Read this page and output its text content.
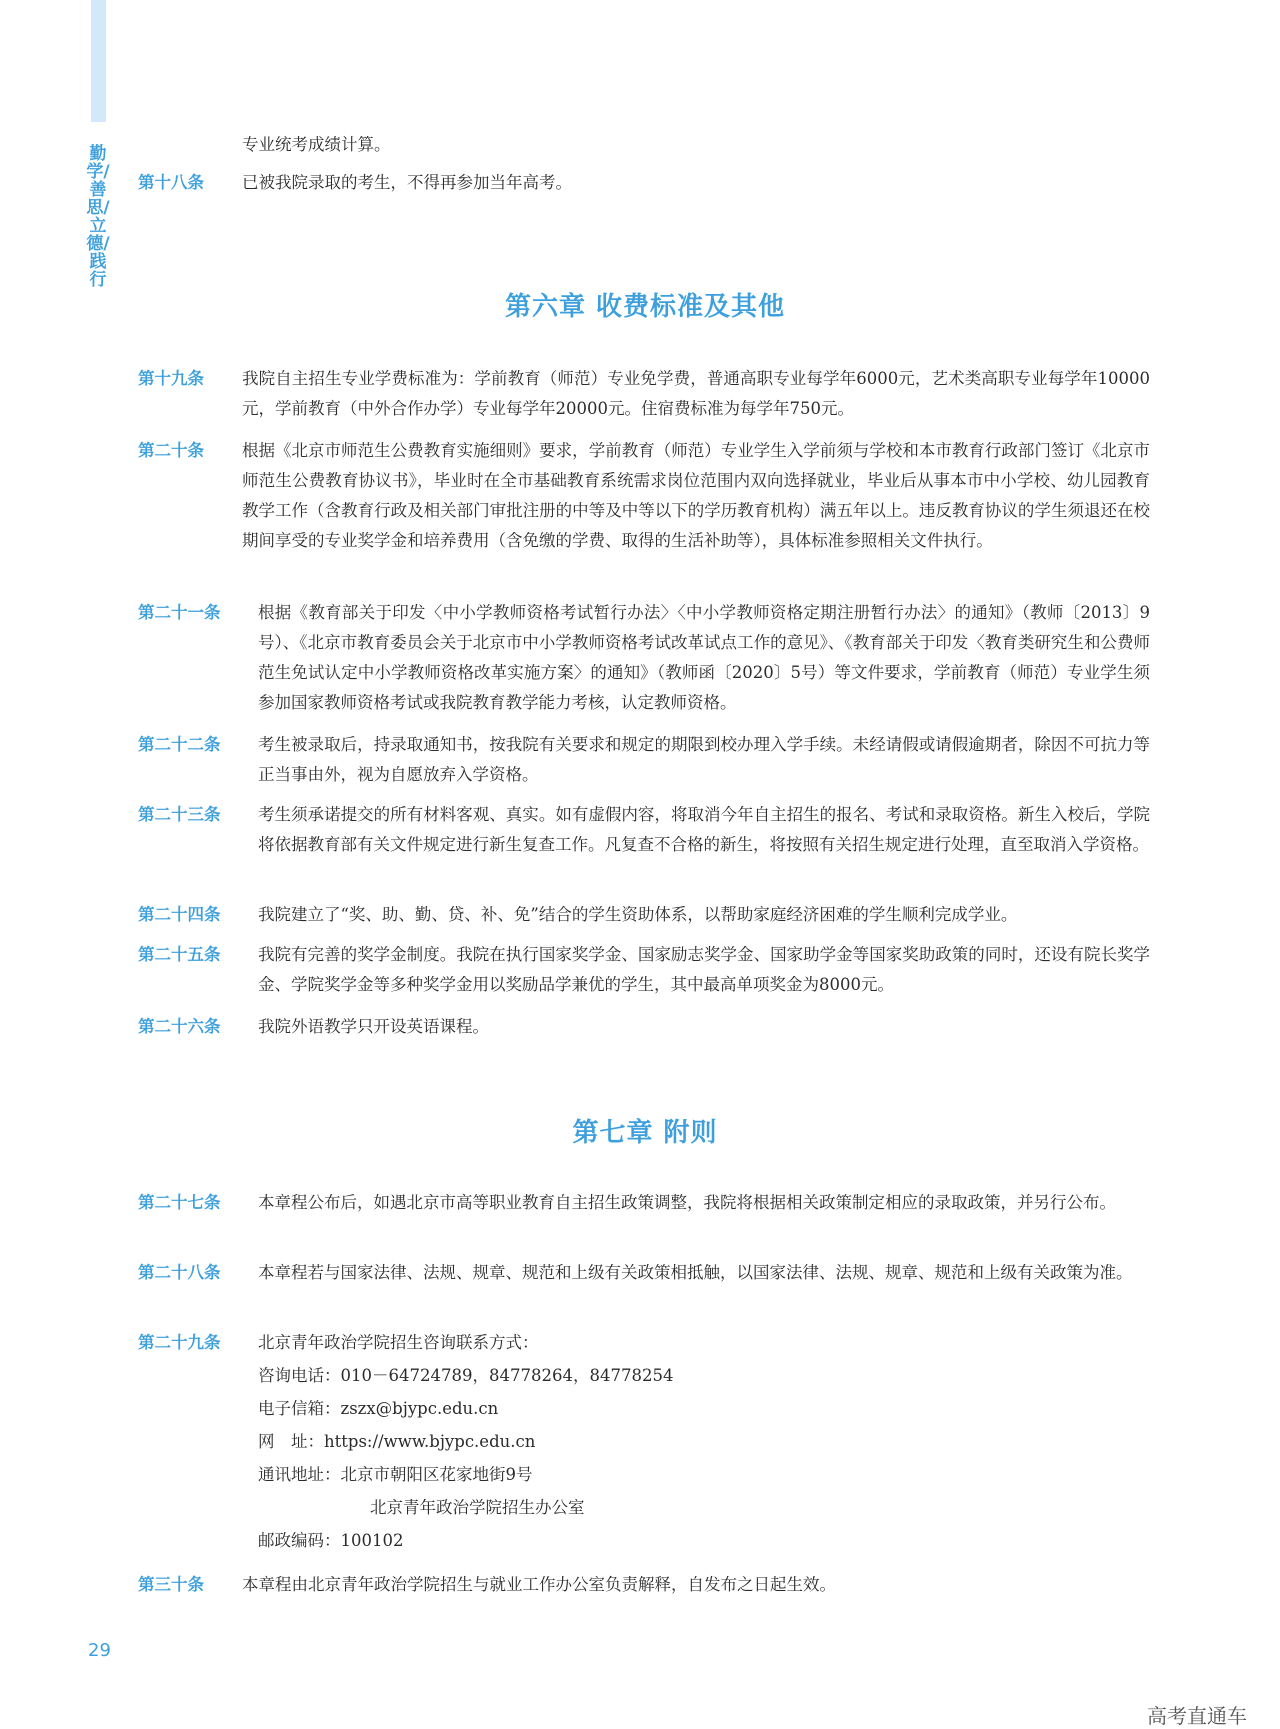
勤学/善思/立德/践行
专业统考成绩计算。
第十八条 已被我院录取的考生，不得再参加当年高考。
第六章 收费标准及其他
第十九条 我院自主招生专业学费标准为：学前教育（师范）专业免学费，普通高职专业每学年6000元，艺术类高职专业每学年10000元，学前教育（中外合作办学）专业每学年20000元。住宿费标准为每学年750元。
第二十条 根据《北京市师范生公费教育实施细则》要求，学前教育（师范）专业学生入学前须与学校和本市教育行政部门签订《北京市师范生公费教育协议书》，毕业时在全市基础教育系统需求岗位范围内双向选择就业，毕业后从事本市中小学校、幼儿园教育教学工作（含教育行政及相关部门审批注册的中等及中等以下的学历教育机构）满五年以上。违反教育协议的学生须退还在校期间享受的专业奖学金和培养费用（含免缴的学费、取得的生活补助等），具体标准参照相关文件执行。
第二十一条 根据《教育部关于印发〈中小学教师资格考试暂行办法〉〈中小学教师资格定期注册暂行办法〉的通知》（教师〔2013〕9号）、《北京市教育委员会关于北京市中小学教师资格考试改革试点工作的意见》、《教育部关于印发〈教育类研究生和公费师范生免试认定中小学教师资格改革实施方案〉的通知》（教师函〔2020〕5号）等文件要求，学前教育（师范）专业学生须参加国家教师资格考试或我院教育教学能力考核，认定教师资格。
第二十二条 考生被录取后，持录取通知书，按我院有关要求和规定的期限到校办理入学手续。未经请假或请假逾期者，除因不可抗力等正当事由外，视为自愿放弃入学资格。
第二十三条 考生须承诺提交的所有材料客观、真实。如有虚假内容，将取消今年自主招生的报名、考试和录取资格。新生入校后，学院将依据教育部有关文件规定进行新生复查工作。凡复查不合格的新生，将按照有关招生规定进行处理，直至取消入学资格。
第二十四条 我院建立了“奖、助、勤、贷、补、免”结合的学生资助体系，以帮助家庭经济困难的学生顺利完成学业。
第二十五条 我院有完善的奖学金制度。我院在执行国家奖学金、国家励志奖学金、国家助学金等国家奖助政策的同时，还设有院长奖学金、学院奖学金等多种奖学金用以奖励品学兼优的学生，其中最高单项奖金为8000元。
第二十六条 我院外语教学只开设英语课程。
第七章 附则
第二十七条 本章程公布后，如遇北京市高等职业教育自主招生政策调整，我院将根据相关政策制定相应的录取政策，并另行公布。
第二十八条 本章程若与国家法律、法规、规章、规范和上级有关政策相抵触，以国家法律、法规、规章、规范和上级有关政策为准。
第二十九条 北京青年政治学院招生咨询联系方式：
咨询电话：010－64724789，84778264，84778254
电子信箱：zszx@bjypc.edu.cn
网　址：https://www.bjypc.edu.cn
通讯地址：北京市朝阳区花家地街9号
北京青年政治学院招生办公室
邮政编码：100102
第三十条 本章程由北京青年政治学院招生与就业工作办公室负责解释，自发布之日起生效。
29
高考直通车
